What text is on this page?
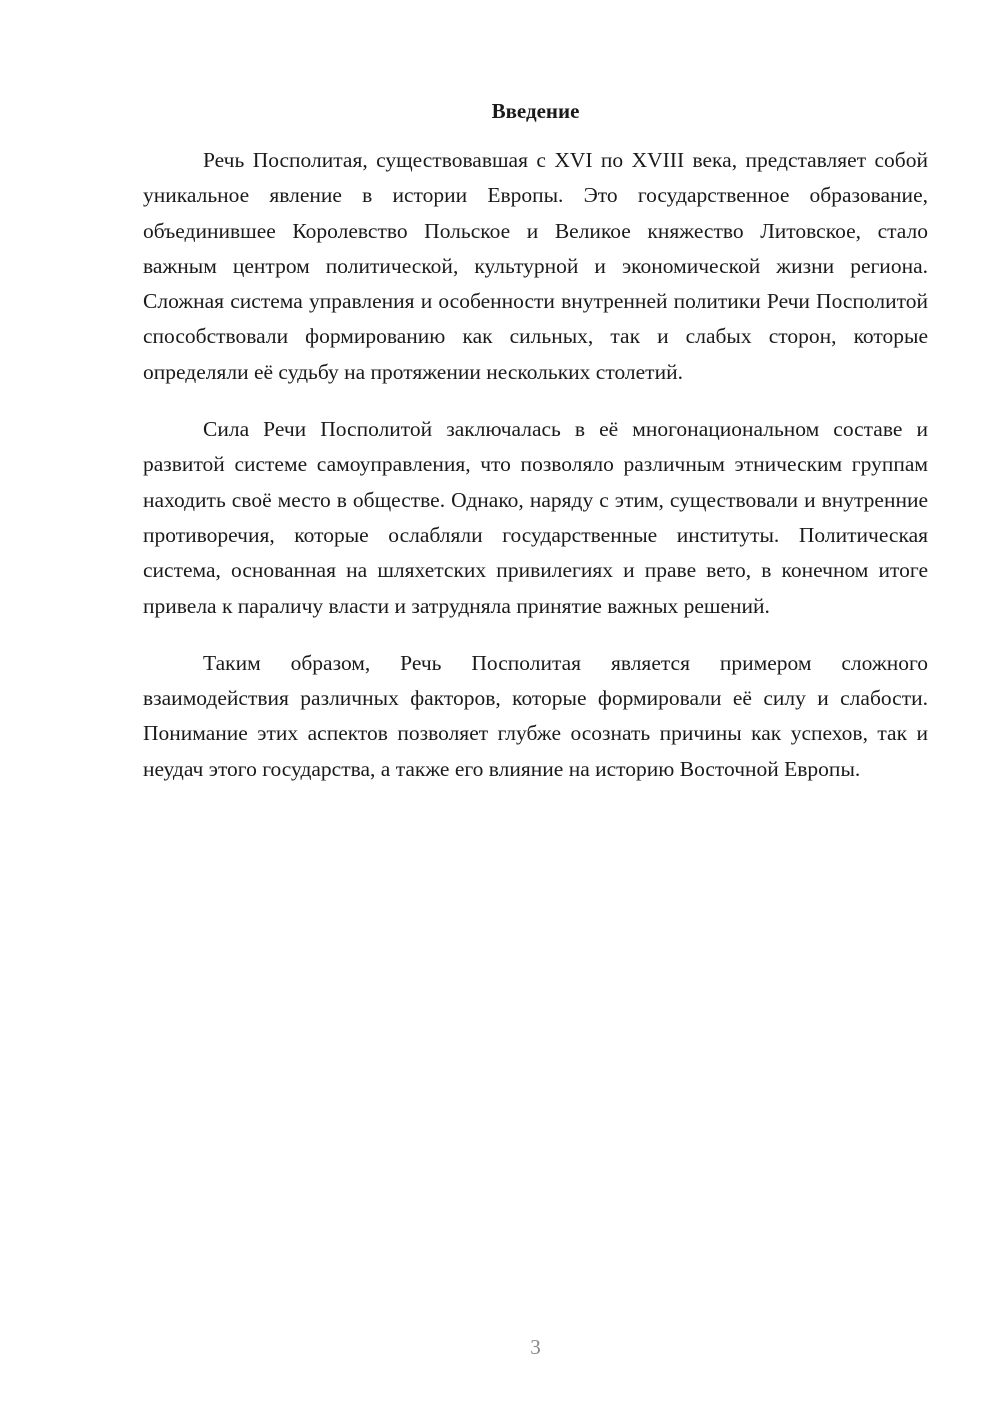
Введение

Речь Посполитая, существовавшая с XVI по XVIII века, представляет собой уникальное явление в истории Европы. Это государственное образование, объединившее Королевство Польское и Великое княжество Литовское, стало важным центром политической, культурной и экономической жизни региона. Сложная система управления и особенности внутренней политики Речи Посполитой способствовали формированию как сильных, так и слабых сторон, которые определяли её судьбу на протяжении нескольких столетий.

Сила Речи Посполитой заключалась в её многонациональном составе и развитой системе самоуправления, что позволяло различным этническим группам находить своё место в обществе. Однако, наряду с этим, существовали и внутренние противоречия, которые ослабляли государственные институты. Политическая система, основанная на шляхетских привилегиях и праве вето, в конечном итоге привела к параличу власти и затрудняла принятие важных решений.

Таким образом, Речь Посполитая является примером сложного взаимодействия различных факторов, которые формировали её силу и слабости. Понимание этих аспектов позволяет глубже осознать причины как успехов, так и неудач этого государства, а также его влияние на историю Восточной Европы.

3
